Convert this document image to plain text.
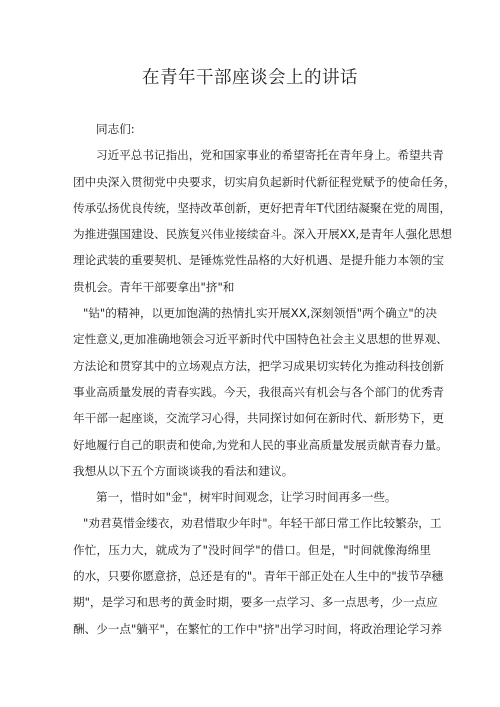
在青年干部座谈会上的讲话
同志们:
习近平总书记指出，党和国家事业的希望寄托在青年身上。希望共青
团中央深入贯彻党中央要求，切实肩负起新时代新征程党赋予的使命任务，
传承弘扬优良传统，坚持改革创新，更好把青年T代团结凝聚在党的周围，
为推进强国建设、民族复兴伟业接续奋斗。深入开展XX,是青年人强化思想
理论武装的重要契机、是锤炼党性品格的大好机遇、是提升能力本领的宝
贵机会。青年干部要拿出"挤"和
"钻"的精神，以更加饱满的热情扎实开展XX,深刻领悟"两个确立"的决
定性意义,更加准确地领会习近平新时代中国特色社会主义思想的世界观、
方法论和贯穿其中的立场观点方法，把学习成果切实转化为推动科技创新
事业高质量发展的青春实践。今天，我很高兴有机会与各个部门的优秀青
年干部一起座谈，交流学习心得，共同探讨如何在新时代、新形势下，更
好地履行自己的职责和使命,为党和人民的事业高质量发展贡献青春力量。
我想从以下五个方面谈谈我的看法和建议。
第一，惜时如"金"，树牢时间观念，让学习时间再多一些。
"劝君莫惜金缕衣，劝君惜取少年时"。年轻干部日常工作比较繁杂，工
作忙，压力大，就成为了"没时间学"的借口。但是，"时间就像海绵里
的水，只要你愿意挤，总还是有的"。青年干部正处在人生中的"拔节孕穗
期"，是学习和思考的黄金时期，要多一点学习、多一点思考，少一点应
酬、少一点"躺平"，在繁忙的工作中"挤"出学习时间，将政治理论学习养
